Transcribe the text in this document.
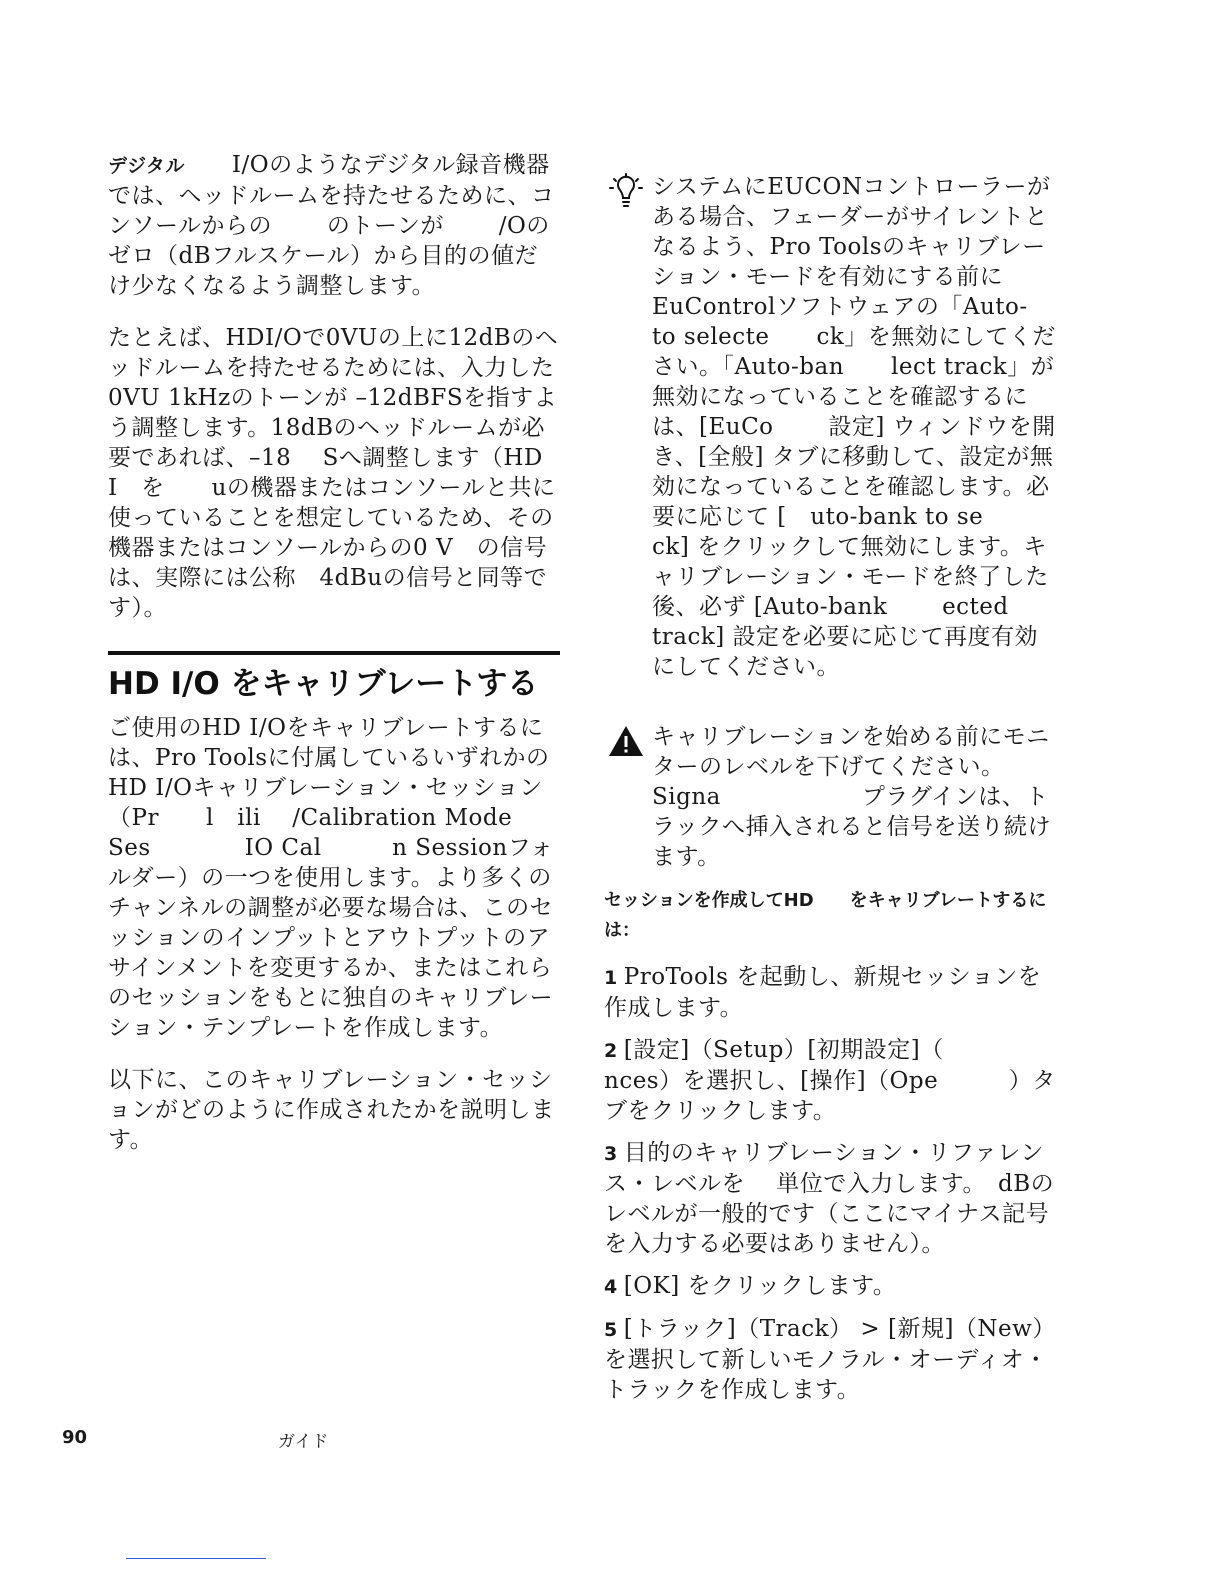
デジタル　　I/Oのようなデジタル録音機器では、ヘッドルームを持たせるために、コンソールからの　　 のトーンが　　 /Oのゼロ（dBフルスケール）から目的の値だけ少なくなるよう調整します。

たとえば、HDI/Oで0VUの上に12dBのヘッドルームを持たせるためには、入力した0VU 1kHzのトーンが –12dBFSを指すよう調整します。18dBのヘッドルームが必要であれば、–18　 Sへ調整します（HD I　を　　uの機器またはコンソールと共に使っていることを想定しているため、その機器またはコンソールからの0 V　の信号は、実際には公称　4dBuの信号と同等です）。

HD I/O をキャリブレートする

ご使用のHD I/Oをキャリブレートするには、Pro Toolsに付属しているいずれかのHD I/Oキャリブレーション・セッション（Pr　　l　ili　 /Calibration Mode Ses　　　　IO Cal　　　n Sessionフォルダー）の一つを使用します。より多くのチャンネルの調整が必要な場合は、このセッションのインプットとアウトプットのアサインメントを変更するか、またはこれらのセッションをもとに独自のキャリブレーション・テンプレートを作成します。

以下に、このキャリブレーション・セッションがどのように作成されたかを説明します。

システムにEUCONコントローラーがある場合、フェーダーがサイレントとなるよう、Pro Toolsのキャリブレーション・モードを有効にする前にEuControlソフトウェアの「Auto-　　to selecte　　ck」を無効にしてください。「Auto-ban　　lect track」が無効になっていることを確認するには、[EuCo　　 設定] ウィンドウを開き、[全般] タブに移動して、設定が無効になっていることを確認します。必要に応じて [　uto-bank to se　　ck] をクリックして無効にします。キャリブレーション・モードを終了した後、必ず [Auto-bank　　 ected track] 設定を必要に応じて再度有効にしてください。

キャリブレーションを始める前にモニターのレベルを下げてください。Signa　　　　　　プラグインは、トラックへ挿入されると信号を送り続けます。

セッションを作成してHD　　をキャリブレートするには：

1 ProTools を起動し、新規セッションを作成します。

2 [設定]（Setup）[初期設定]（　　　　nces）を選択し、[操作]（Ope　　　）タブをクリックします。

3 目的のキャリブレーション・リファレンス・レベルを　 単位で入力します。　dBのレベルが一般的です（ここにマイナス記号を入力する必要はありません）。

4 [OK] をクリックします。

5 [トラック]（Track） > [新規]（New）を選択して新しいモノラル・オーディオ・トラックを作成します。

90	ガイド
